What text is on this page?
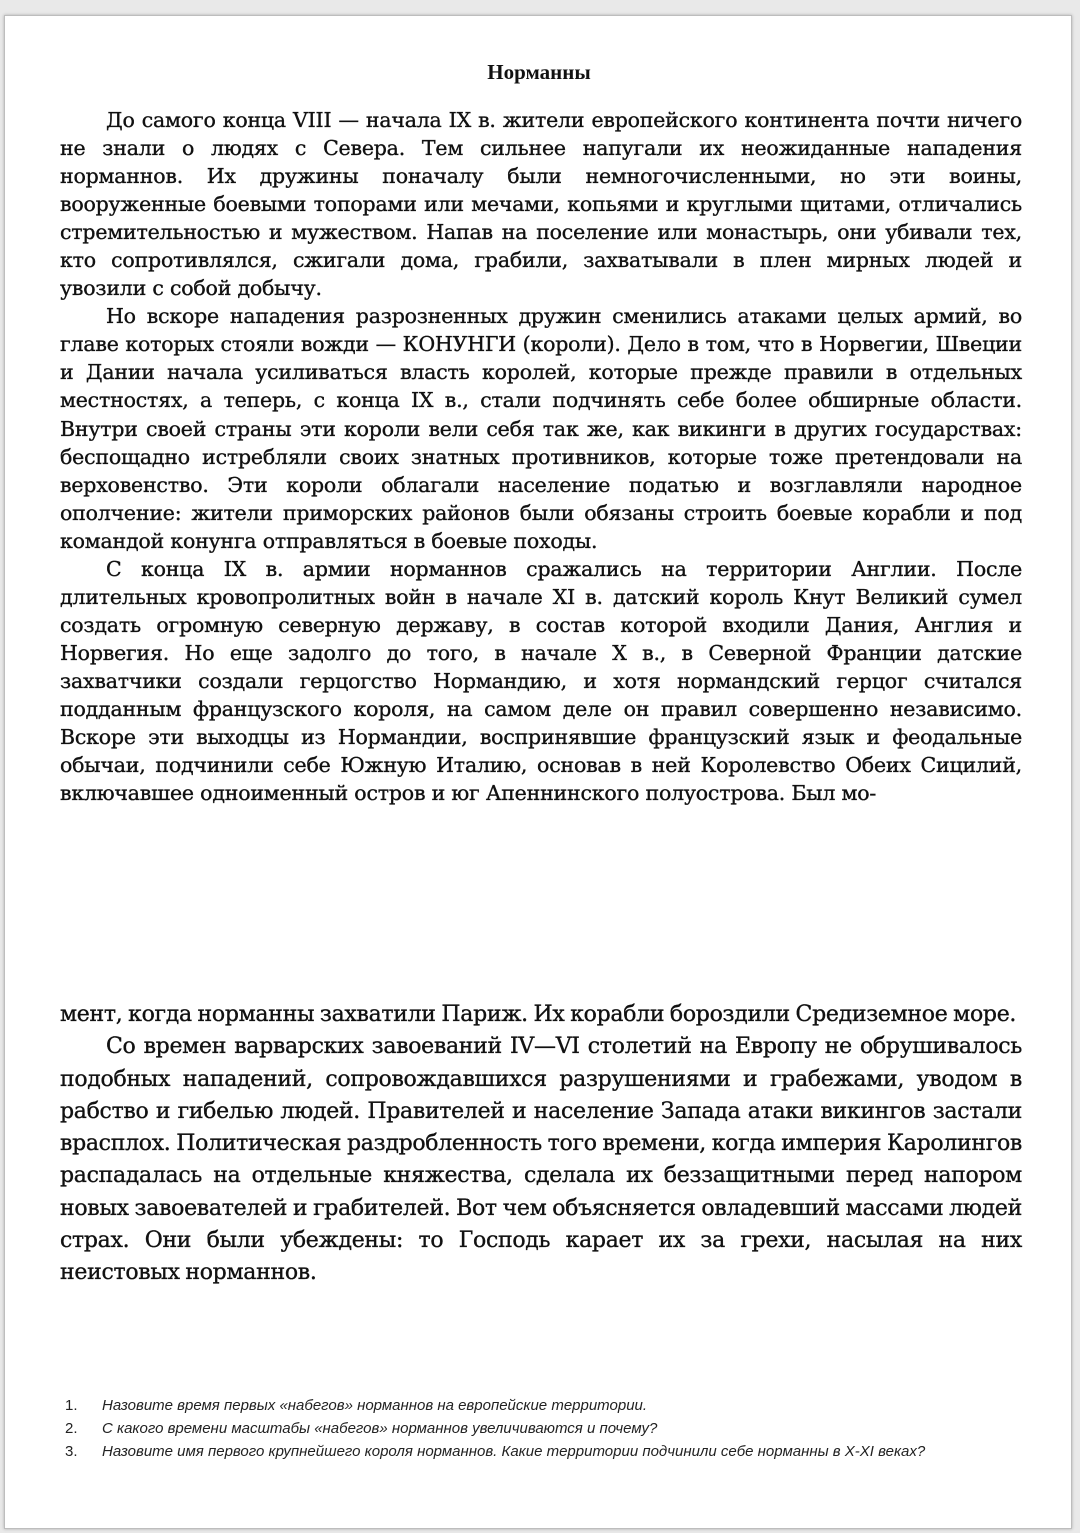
Норманны

До самого конца VIII — начала IX в. жители европейского континента почти ничего не знали о людях с Севера. Тем сильнее напугали их неожиданные нападения норманнов. Их дружины поначалу были немногочисленными, но эти воины, вооруженные боевыми топорами или мечами, копьями и круглыми щитами, отличались стремительностью и мужеством. Напав на поселение или монастырь, они убивали тех, кто сопротивлялся, сжигали дома, грабили, захватывали в плен мирных людей и увозили с собой добычу.

Но вскоре нападения разрозненных дружин сменились атаками целых армий, во главе которых стояли вожди — КОНУНГИ (короли). Дело в том, что в Норвегии, Швеции и Дании начала усиливаться власть королей, которые прежде правили в отдельных местностях, а теперь, с конца IX в., стали подчинять себе более обширные области. Внутри своей страны эти короли вели себя так же, как викинги в других государствах: беспощадно истребляли своих знатных противников, которые тоже претендовали на верховенство. Эти короли облагали население податью и возглавляли народное ополчение: жители приморских районов были обязаны строить боевые корабли и под командой конунга отправляться в боевые походы.

С конца IX в. армии норманнов сражались на территории Англии. После длительных кровопролитных войн в начале XI в. датский король Кнут Великий сумел создать огромную северную державу, в состав которой входили Дания, Англия и Норвегия. Но еще задолго до того, в начале X в., в Северной Франции датские захватчики создали герцогство Нормандию, и хотя нормандский герцог считался подданным французского короля, на самом деле он правил совершенно независимо. Вскоре эти выходцы из Нормандии, воспринявшие французский язык и феодальные обычаи, подчинили себе Южную Италию, основав в ней Королевство Обеих Сицилий, включавшее одноименный остров и юг Апеннинского полуострова. Был мо-

мент, когда норманны захватили Париж. Их корабли бороздили Средиземное море.

Со времен варварских завоеваний IV—VI столетий на Европу не обрушивалось подобных нападений, сопровождавшихся разрушениями и грабежами, уводом в рабство и гибелью людей. Правителей и население Запада атаки викингов застали врасплох. Политическая раздробленность того времени, когда империя Каролингов распадалась на отдельные княжества, сделала их беззащитными перед напором новых завоевателей и грабителей. Вот чем объясняется овладевший массами людей страх. Они были убеждены: то Господь карает их за грехи, насылая на них неистовых норманнов.

1. Назовите время первых «набегов» норманнов на европейские территории.
2. С какого времени масштабы «набегов» норманнов увеличиваются и почему?
3. Назовите имя первого крупнейшего короля норманнов. Какие территории подчинили себе норманны в X-XI веках?
